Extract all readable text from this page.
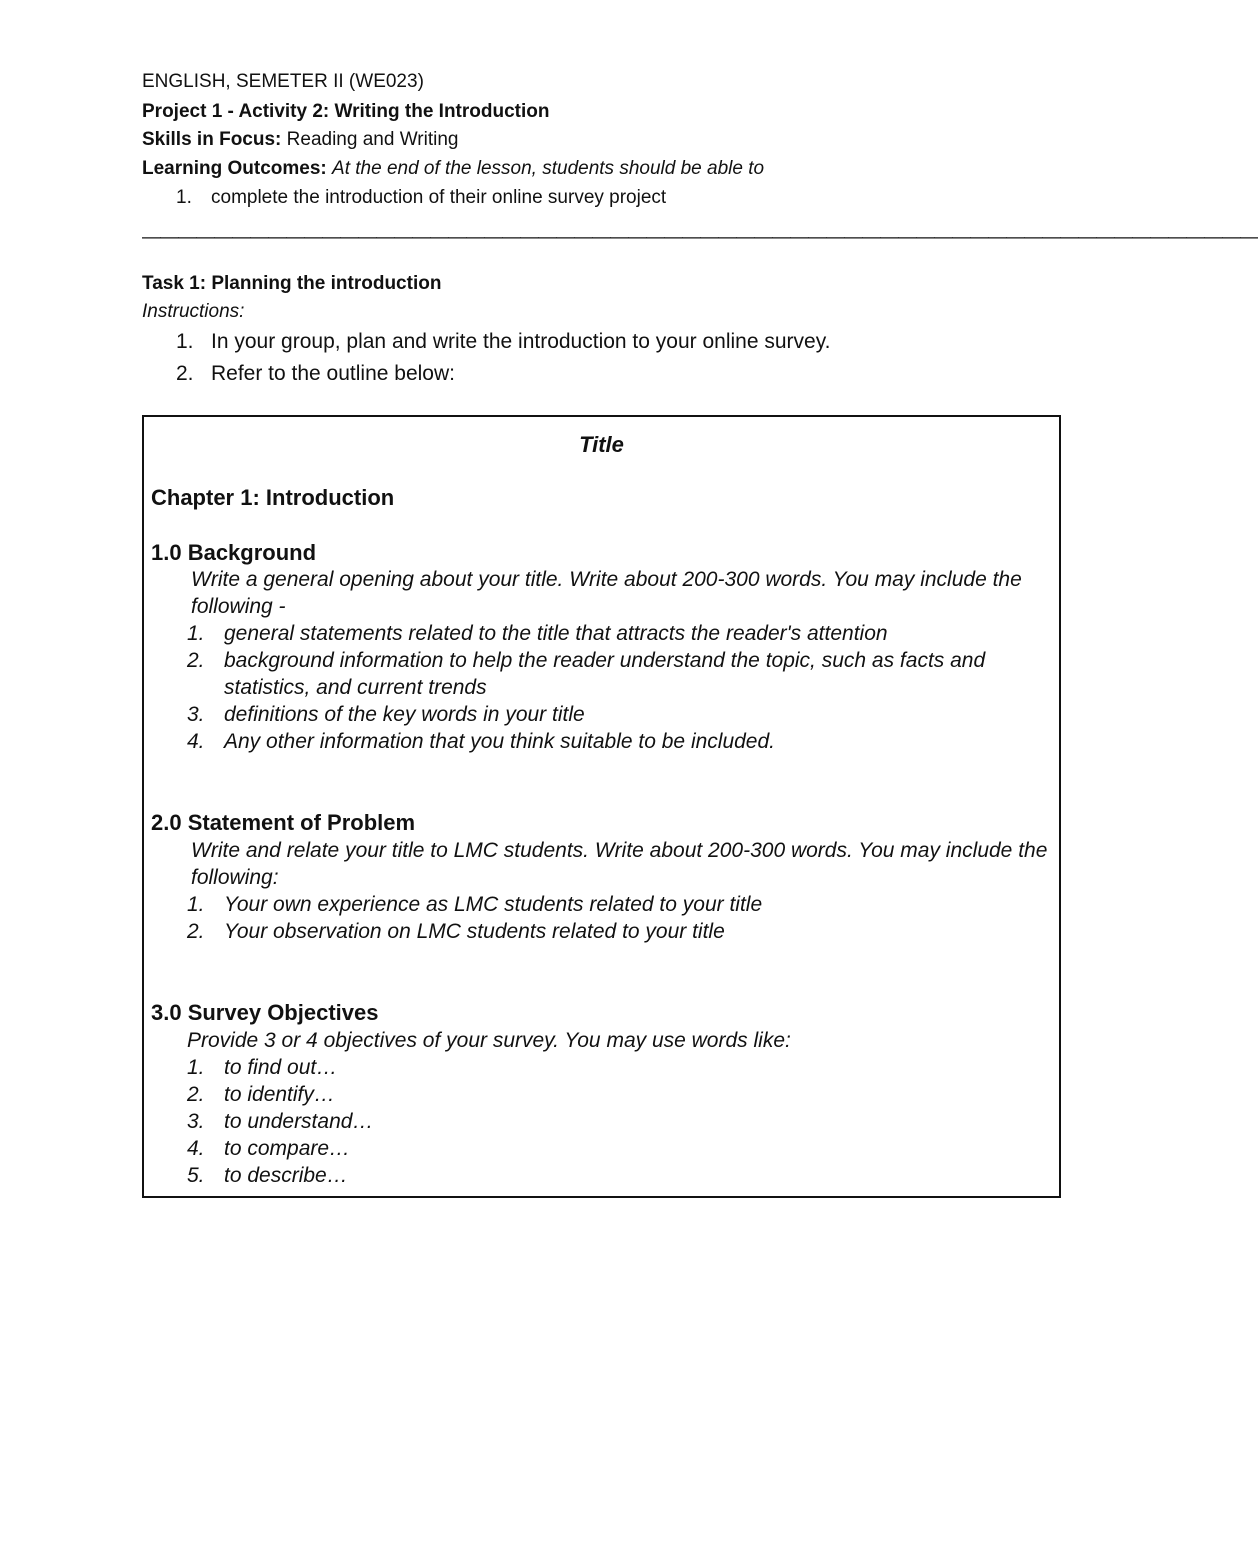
ENGLISH, SEMETER II (WE023)
Project 1 - Activity 2: Writing the Introduction
Skills in Focus: Reading and Writing
Learning Outcomes: At the end of the lesson, students should be able to
1. complete the introduction of their online survey project
——————————————————————————————————————————————————————————————
Task 1: Planning the introduction
Instructions:
1. In your group, plan and write the introduction to your online survey.
2. Refer to the outline below:
Title
Chapter 1: Introduction
1.0 Background
Write a general opening about your title. Write about 200-300 words. You may include the following -
1. general statements related to the title that attracts the reader's attention
2. background information to help the reader understand the topic, such as facts and statistics, and current trends
3. definitions of the key words in your title
4. Any other information that you think suitable to be included.
2.0 Statement of Problem
Write and relate your title to LMC students. Write about 200-300 words. You may include the following:
1. Your own experience as LMC students related to your title
2. Your observation on LMC students related to your title
3.0 Survey Objectives
Provide 3 or 4 objectives of your survey. You may use words like:
1. to find out…
2. to identify…
3. to understand…
4. to compare…
5. to describe…
